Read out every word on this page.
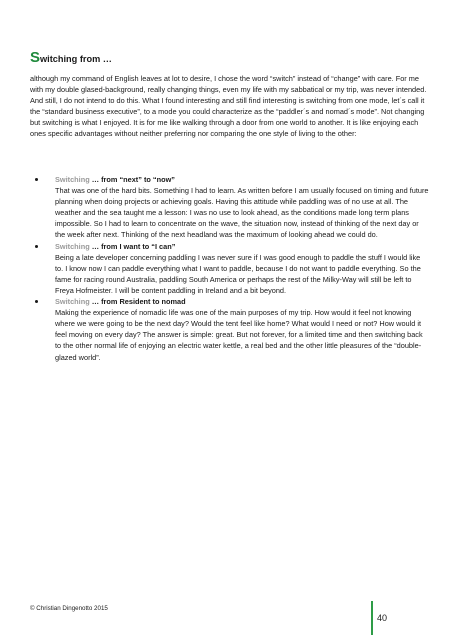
Switching from …

although my command of English leaves at lot to desire, I chose the word “switch” instead of “change” with care. For me with my double glased-background, really changing things, even my life with my sabbatical or my trip, was never intended. And still, I do not intend to do this. What I found interesting and still find interesting is switching from one mode, let´s call it the “standard business executive”, to a mode you could characterize as the “paddler´s and nomad´s mode”. Not changing but switching is what I enjoyed. It is for me like walking through a door from one world to another. It is like enjoying each ones specific advantages without neither preferring nor comparing the one style of living to the other:

Switching … from “next” to “now”
That was one of the hard bits. Something I had to learn. As written before I am usually focused on timing and future planning when doing projects or achieving goals. Having this attitude while paddling was of no use at all. The weather and the sea taught me a lesson: I was no use to look ahead, as the conditions made long term plans impossible. So I had to learn to concentrate on the wave, the situation now, instead of thinking of the next day or the week after next. Thinking of the next headland was the maximum of looking ahead we could do.
Switching … from I want to “I can”
Being a late developer concerning paddling I was never sure if I was good enough to paddle the stuff I would like to. I know now I can paddle everything what I want to paddle, because I do not want to paddle everything. So the fame for racing round Australia, paddling South America or perhaps the rest of the Milky-Way will still be left to Freya Hofmeister. I will be content paddling in Ireland and a bit beyond.
Switching … from Resident to nomad
Making the experience of nomadic life was one of the main purposes of my trip. How would it feel not knowing where we were going to be the next day? Would the tent feel like home? What would I need or not? How would it feel moving on every day? The answer is simple: great. But not forever, for a limited time and then switching back to the other normal life of enjoying an electric water kettle, a real bed and the other little pleasures of the “double-glazed world”.

© Christian Dingenotto 2015

40
